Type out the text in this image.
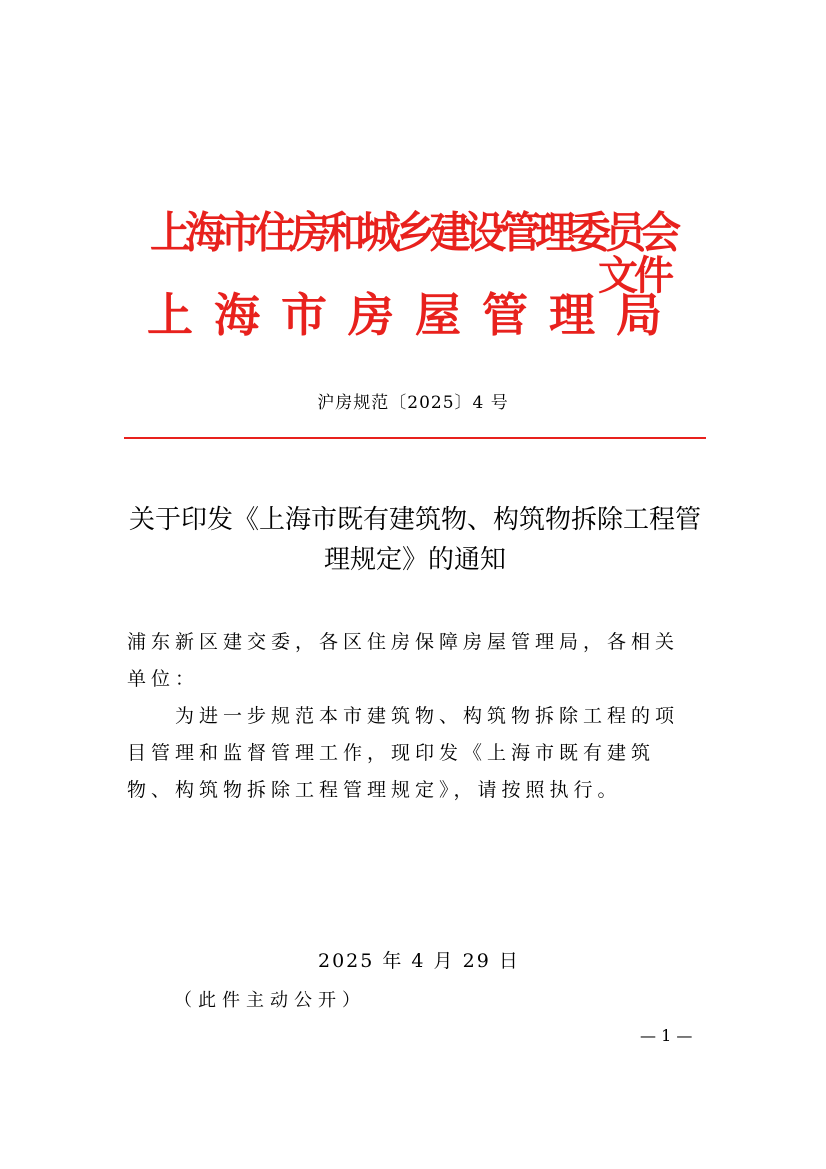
上海市住房和城乡建设管理委员会
上海市房屋管理局
文件
沪房规范〔2025〕4 号
关于印发《上海市既有建筑物、构筑物拆除工程管理规定》的通知

浦东新区建交委，各区住房保障房屋管理局，各相关单位：

为进一步规范本市建筑物、构筑物拆除工程的项目管理和监督管理工作，现印发《上海市既有建筑物、构筑物拆除工程管理规定》，请按照执行。

2025 年 4 月 29 日
（此件主动公开）
— 1 —
